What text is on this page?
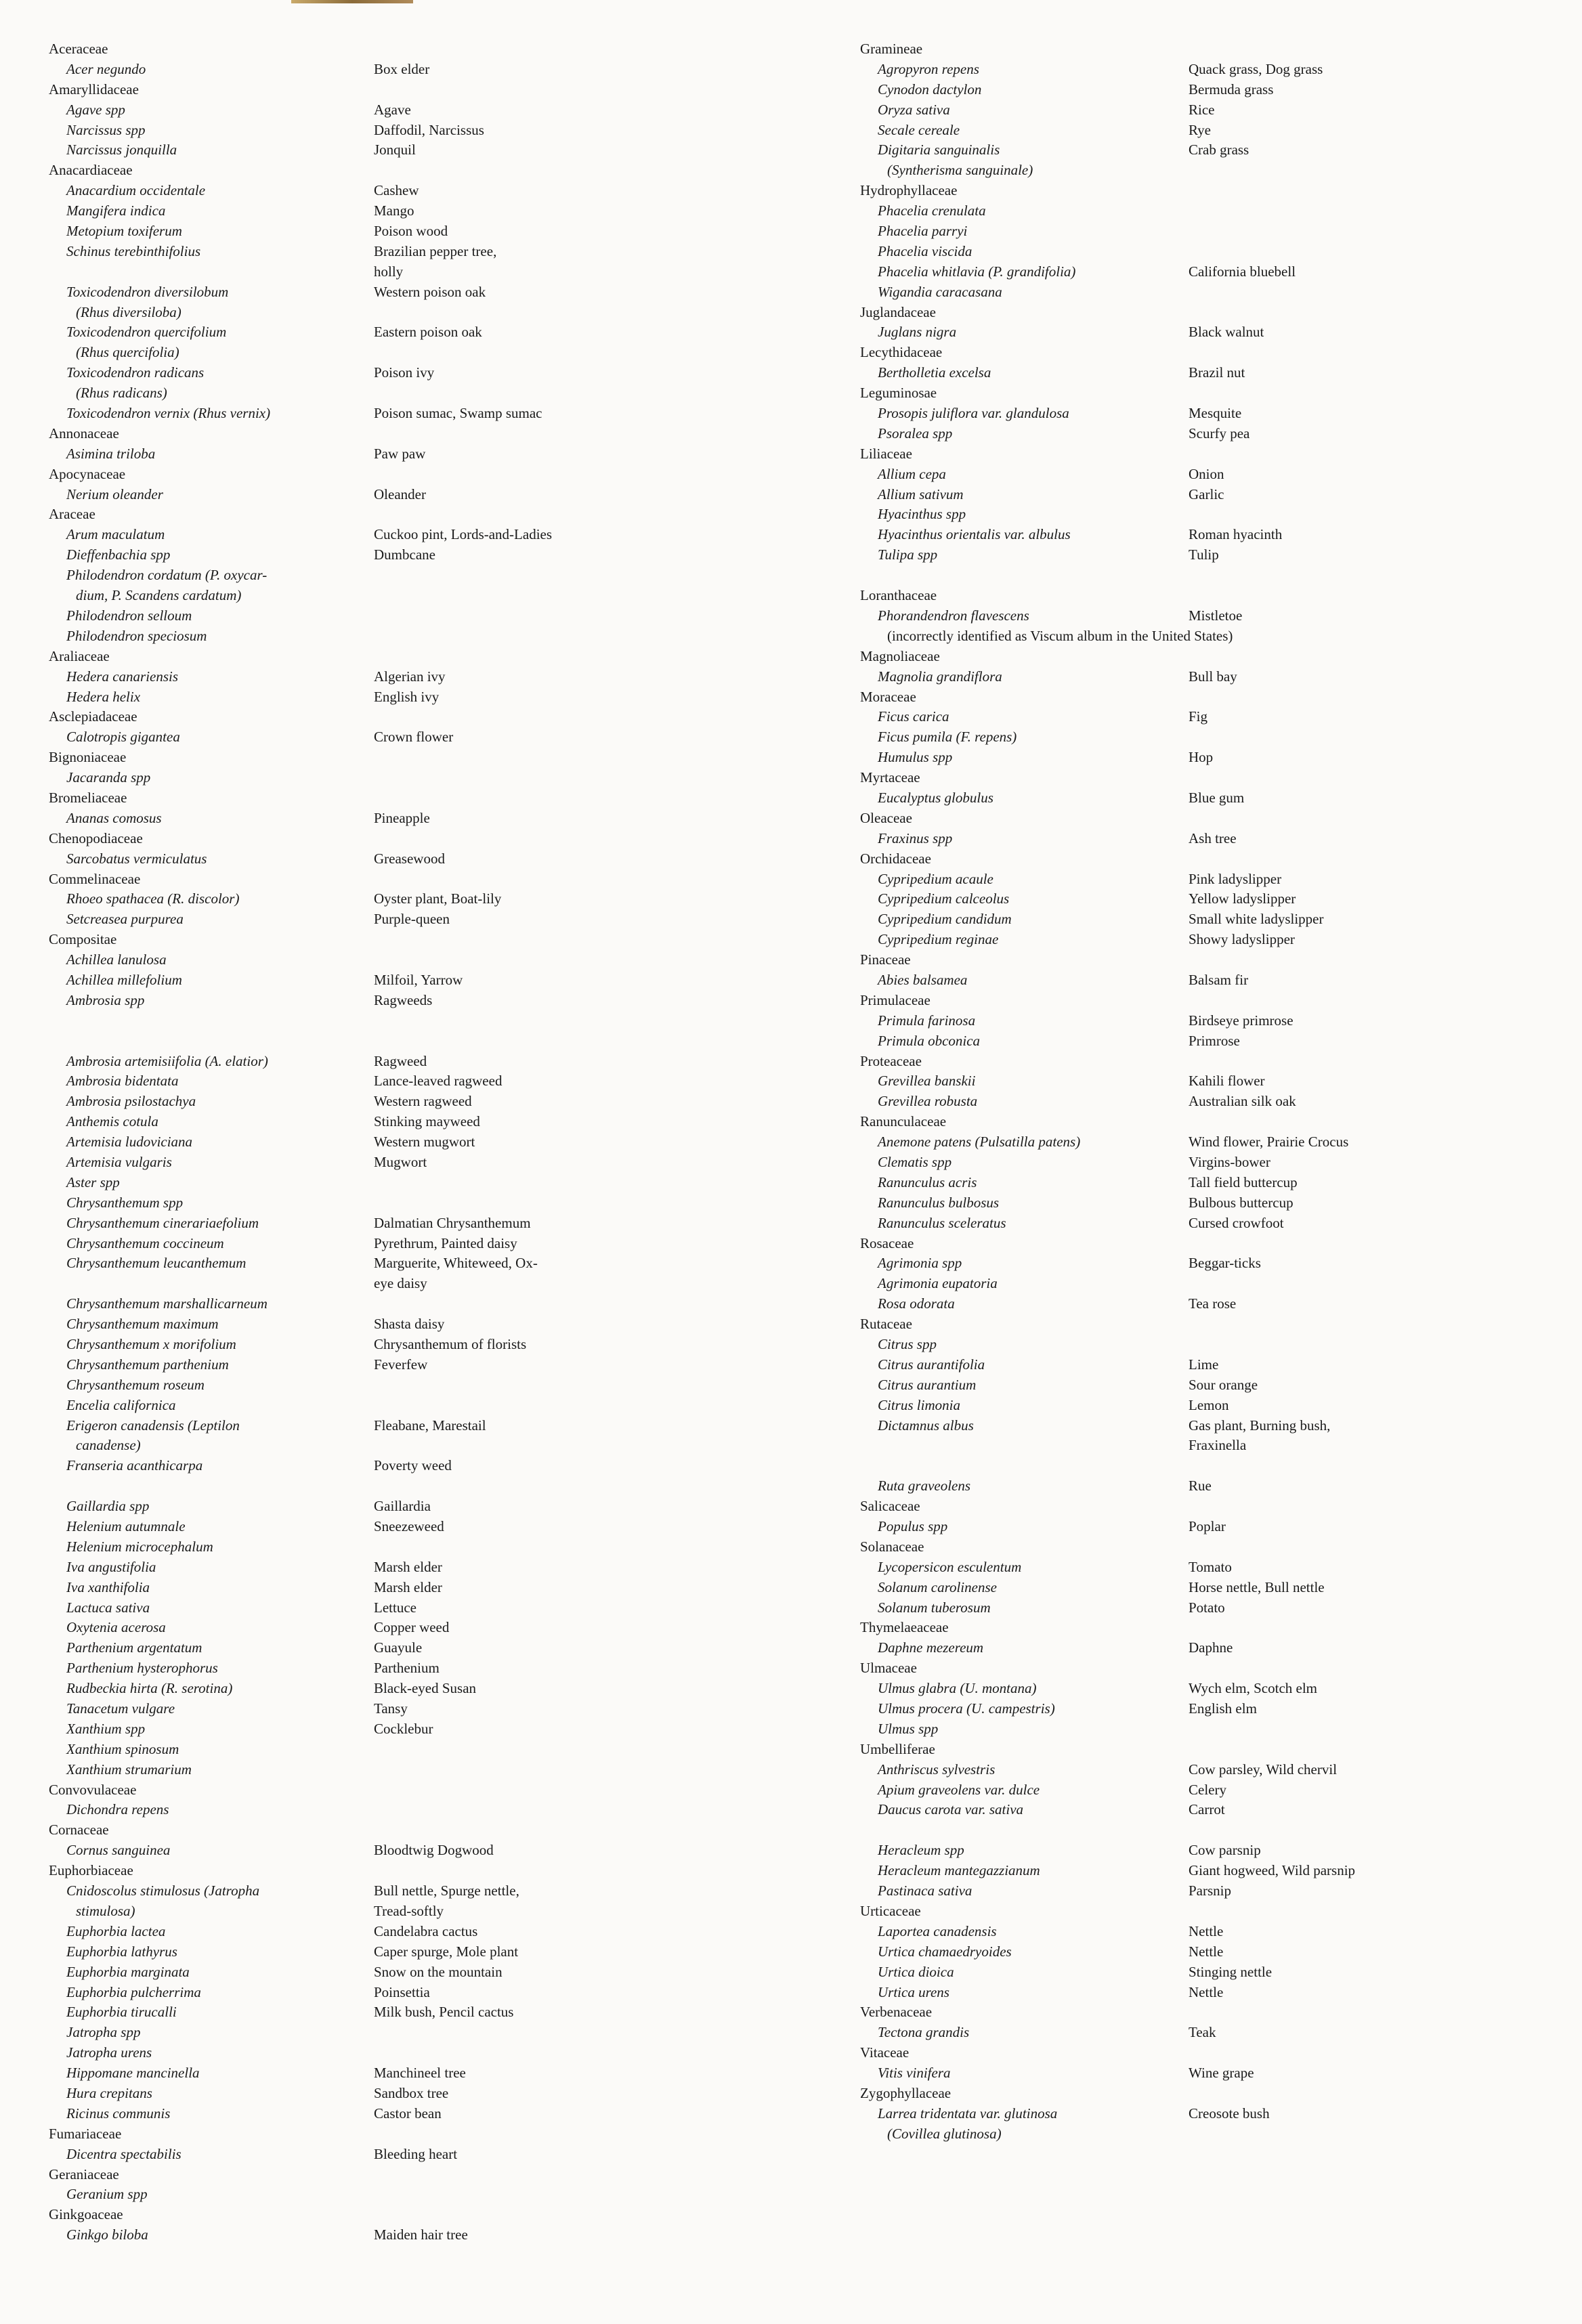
Aceraceae
Acer negundo	Box elder
Amaryllidaceae
Agave spp	Agave
Narcissus spp	Daffodil, Narcissus
Narcissus jonquilla	Jonquil
Anacardiaceae
Anacardium occidentale	Cashew
Mangifera indica	Mango
Metopium toxiferum	Poison wood
Schinus terebinthifolius	Brazilian pepper tree,
holly
Toxicodendron diversilobum	Western poison oak
(Rhus diversiloba)
Toxicodendron quercifolium	Eastern poison oak
(Rhus quercifolia)
Toxicodendron radicans	Poison ivy
(Rhus radicans)
Toxicodendron vernix (Rhus vernix)	Poison sumac, Swamp sumac
Annonaceae
Asimina triloba	Paw paw
Apocynaceae
Nerium oleander	Oleander
Araceae
Arum maculatum	Cuckoo pint, Lords-and-Ladies
Dieffenbachia spp	Dumbcane
Philodendron cordatum (P. oxycar-
dium, P. Scandens cardatum)
Philodendron selloum
Philodendron speciosum
Araliaceae
Hedera canariensis	Algerian ivy
Hedera helix	English ivy
Asclepiadaceae
Calotropis gigantea	Crown flower
Bignoniaceae
Jacaranda spp
Bromeliaceae
Ananas comosus	Pineapple
Chenopodiaceae
Sarcobatus vermiculatus	Greasewood
Commelinaceae
Rhoeo spathacea (R. discolor)	Oyster plant, Boat-lily
Setcreasea purpurea	Purple-queen
Compositae
Achillea lanulosa
Achillea millefolium	Milfoil, Yarrow
Ambrosia spp	Ragweeds
Ambrosia artemisiifolia (A. elatior)	Ragweed
Ambrosia bidentata	Lance-leaved ragweed
Ambrosia psilostachya	Western ragweed
Anthemis cotula	Stinking mayweed
Artemisia ludoviciana	Western mugwort
Artemisia vulgaris	Mugwort
Aster spp
Chrysanthemum spp
Chrysanthemum cinerariaefolium	Dalmatian Chrysanthemum
Chrysanthemum coccineum	Pyrethrum, Painted daisy
Chrysanthemum leucanthemum	Marguerite, Whiteweed, Ox-
eye daisy
Chrysanthemum marshallicarneum
Chrysanthemum maximum	Shasta daisy
Chrysanthemum x morifolium	Chrysanthemum of florists
Chrysanthemum parthenium	Feverfew
Chrysanthemum roseum
Encelia californica
Erigeron canadensis (Leptilon	Fleabane, Marestail
canadense)
Franseria acanthicarpa	Poverty weed
Gaillardia spp	Gaillardia
Helenium autumnale	Sneezeweed
Helenium microcephalum
Iva angustifolia	Marsh elder
Iva xanthifolia	Marsh elder
Lactuca sativa	Lettuce
Oxytenia acerosa	Copper weed
Parthenium argentatum	Guayule
Parthenium hysterophorus	Parthenium
Rudbeckia hirta (R. serotina)	Black-eyed Susan
Tanacetum vulgare	Tansy
Xanthium spp	Cocklebur
Xanthium spinosum
Xanthium strumarium
Convovulaceae
Dichondra repens
Cornaceae
Cornus sanguinea	Bloodtwig Dogwood
Euphorbiaceae
Cnidoscolus stimulosus (Jatropha	Bull nettle, Spurge nettle,
stimulosa)	Tread-softly
Euphorbia lactea	Candelabra cactus
Euphorbia lathyrus	Caper spurge, Mole plant
Euphorbia marginata	Snow on the mountain
Euphorbia pulcherrima	Poinsettia
Euphorbia tirucalli	Milk bush, Pencil cactus
Jatropha spp
Jatropha urens
Hippomane mancinella	Manchineel tree
Hura crepitans	Sandbox tree
Ricinus communis	Castor bean
Fumariaceae
Dicentra spectabilis	Bleeding heart
Geraniaceae
Geranium spp
Ginkgoaceae
Ginkgo biloba	Maiden hair tree
Gramineae
Agropyron repens	Quack grass, Dog grass
Cynodon dactylon	Bermuda grass
Oryza sativa	Rice
Secale cereale	Rye
Digitaria sanguinalis	Crab grass
(Syntherisma sanguinale)
Hydrophyllaceae
Phacelia crenulata
Phacelia parryi
Phacelia viscida
Phacelia whitlavia (P. grandifolia)	California bluebell
Wigandia caracasana
Juglandaceae
Juglans nigra	Black walnut
Lecythidaceae
Bertholletia excelsa	Brazil nut
Leguminosae
Prosopis juliflora var. glandulosa	Mesquite
Psoralea spp	Scurfy pea
Liliaceae
Allium cepa	Onion
Allium sativum	Garlic
Hyacinthus spp
Hyacinthus orientalis var. albulus	Roman hyacinth
Tulipa spp	Tulip
Loranthaceae
Phorandendron flavescens	Mistletoe
(incorrectly identified as Viscum album in the United States)
Magnoliaceae
Magnolia grandiflora	Bull bay
Moraceae
Ficus carica	Fig
Ficus pumila (F. repens)
Humulus spp	Hop
Myrtaceae
Eucalyptus globulus	Blue gum
Oleaceae
Fraxinus spp	Ash tree
Orchidaceae
Cypripedium acaule	Pink ladyslipper
Cypripedium calceolus	Yellow ladyslipper
Cypripedium candidum	Small white ladyslipper
Cypripedium reginae	Showy ladyslipper
Pinaceae
Abies balsamea	Balsam fir
Primulaceae
Primula farinosa	Birdseye primrose
Primula obconica	Primrose
Proteaceae
Grevillea banskii	Kahili flower
Grevillea robusta	Australian silk oak
Ranunculaceae
Anemone patens (Pulsatilla patens)	Wind flower, Prairie Crocus
Clematis spp	Virgins-bower
Ranunculus acris	Tall field buttercup
Ranunculus bulbosus	Bulbous buttercup
Ranunculus sceleratus	Cursed crowfoot
Rosaceae
Agrimonia spp	Beggar-ticks
Agrimonia eupatoria
Rosa odorata	Tea rose
Rutaceae
Citrus spp
Citrus aurantifolia	Lime
Citrus aurantium	Sour orange
Citrus limonia	Lemon
Dictamnus albus	Gas plant, Burning bush,
Fraxinella
Ruta graveolens	Rue
Salicaceae
Populus spp	Poplar
Solanaceae
Lycopersicon esculentum	Tomato
Solanum carolinense	Horse nettle, Bull nettle
Solanum tuberosum	Potato
Thymelaeaceae
Daphne mezereum	Daphne
Ulmaceae
Ulmus glabra (U. montana)	Wych elm, Scotch elm
Ulmus procera (U. campestris)	English elm
Ulmus spp
Umbelliferae
Anthriscus sylvestris	Cow parsley, Wild chervil
Apium graveolens var. dulce	Celery
Daucus carota var. sativa	Carrot
Heracleum spp	Cow parsnip
Heracleum mantegazzianum	Giant hogweed, Wild parsnip
Pastinaca sativa	Parsnip
Urticaceae
Laportea canadensis	Nettle
Urtica chamaedryoides	Nettle
Urtica dioica	Stinging nettle
Urtica urens	Nettle
Verbenaceae
Tectona grandis	Teak
Vitaceae
Vitis vinifera	Wine grape
Zygophyllaceae
Larrea tridentata var. glutinosa	Creosote bush
(Covillea glutinosa)
